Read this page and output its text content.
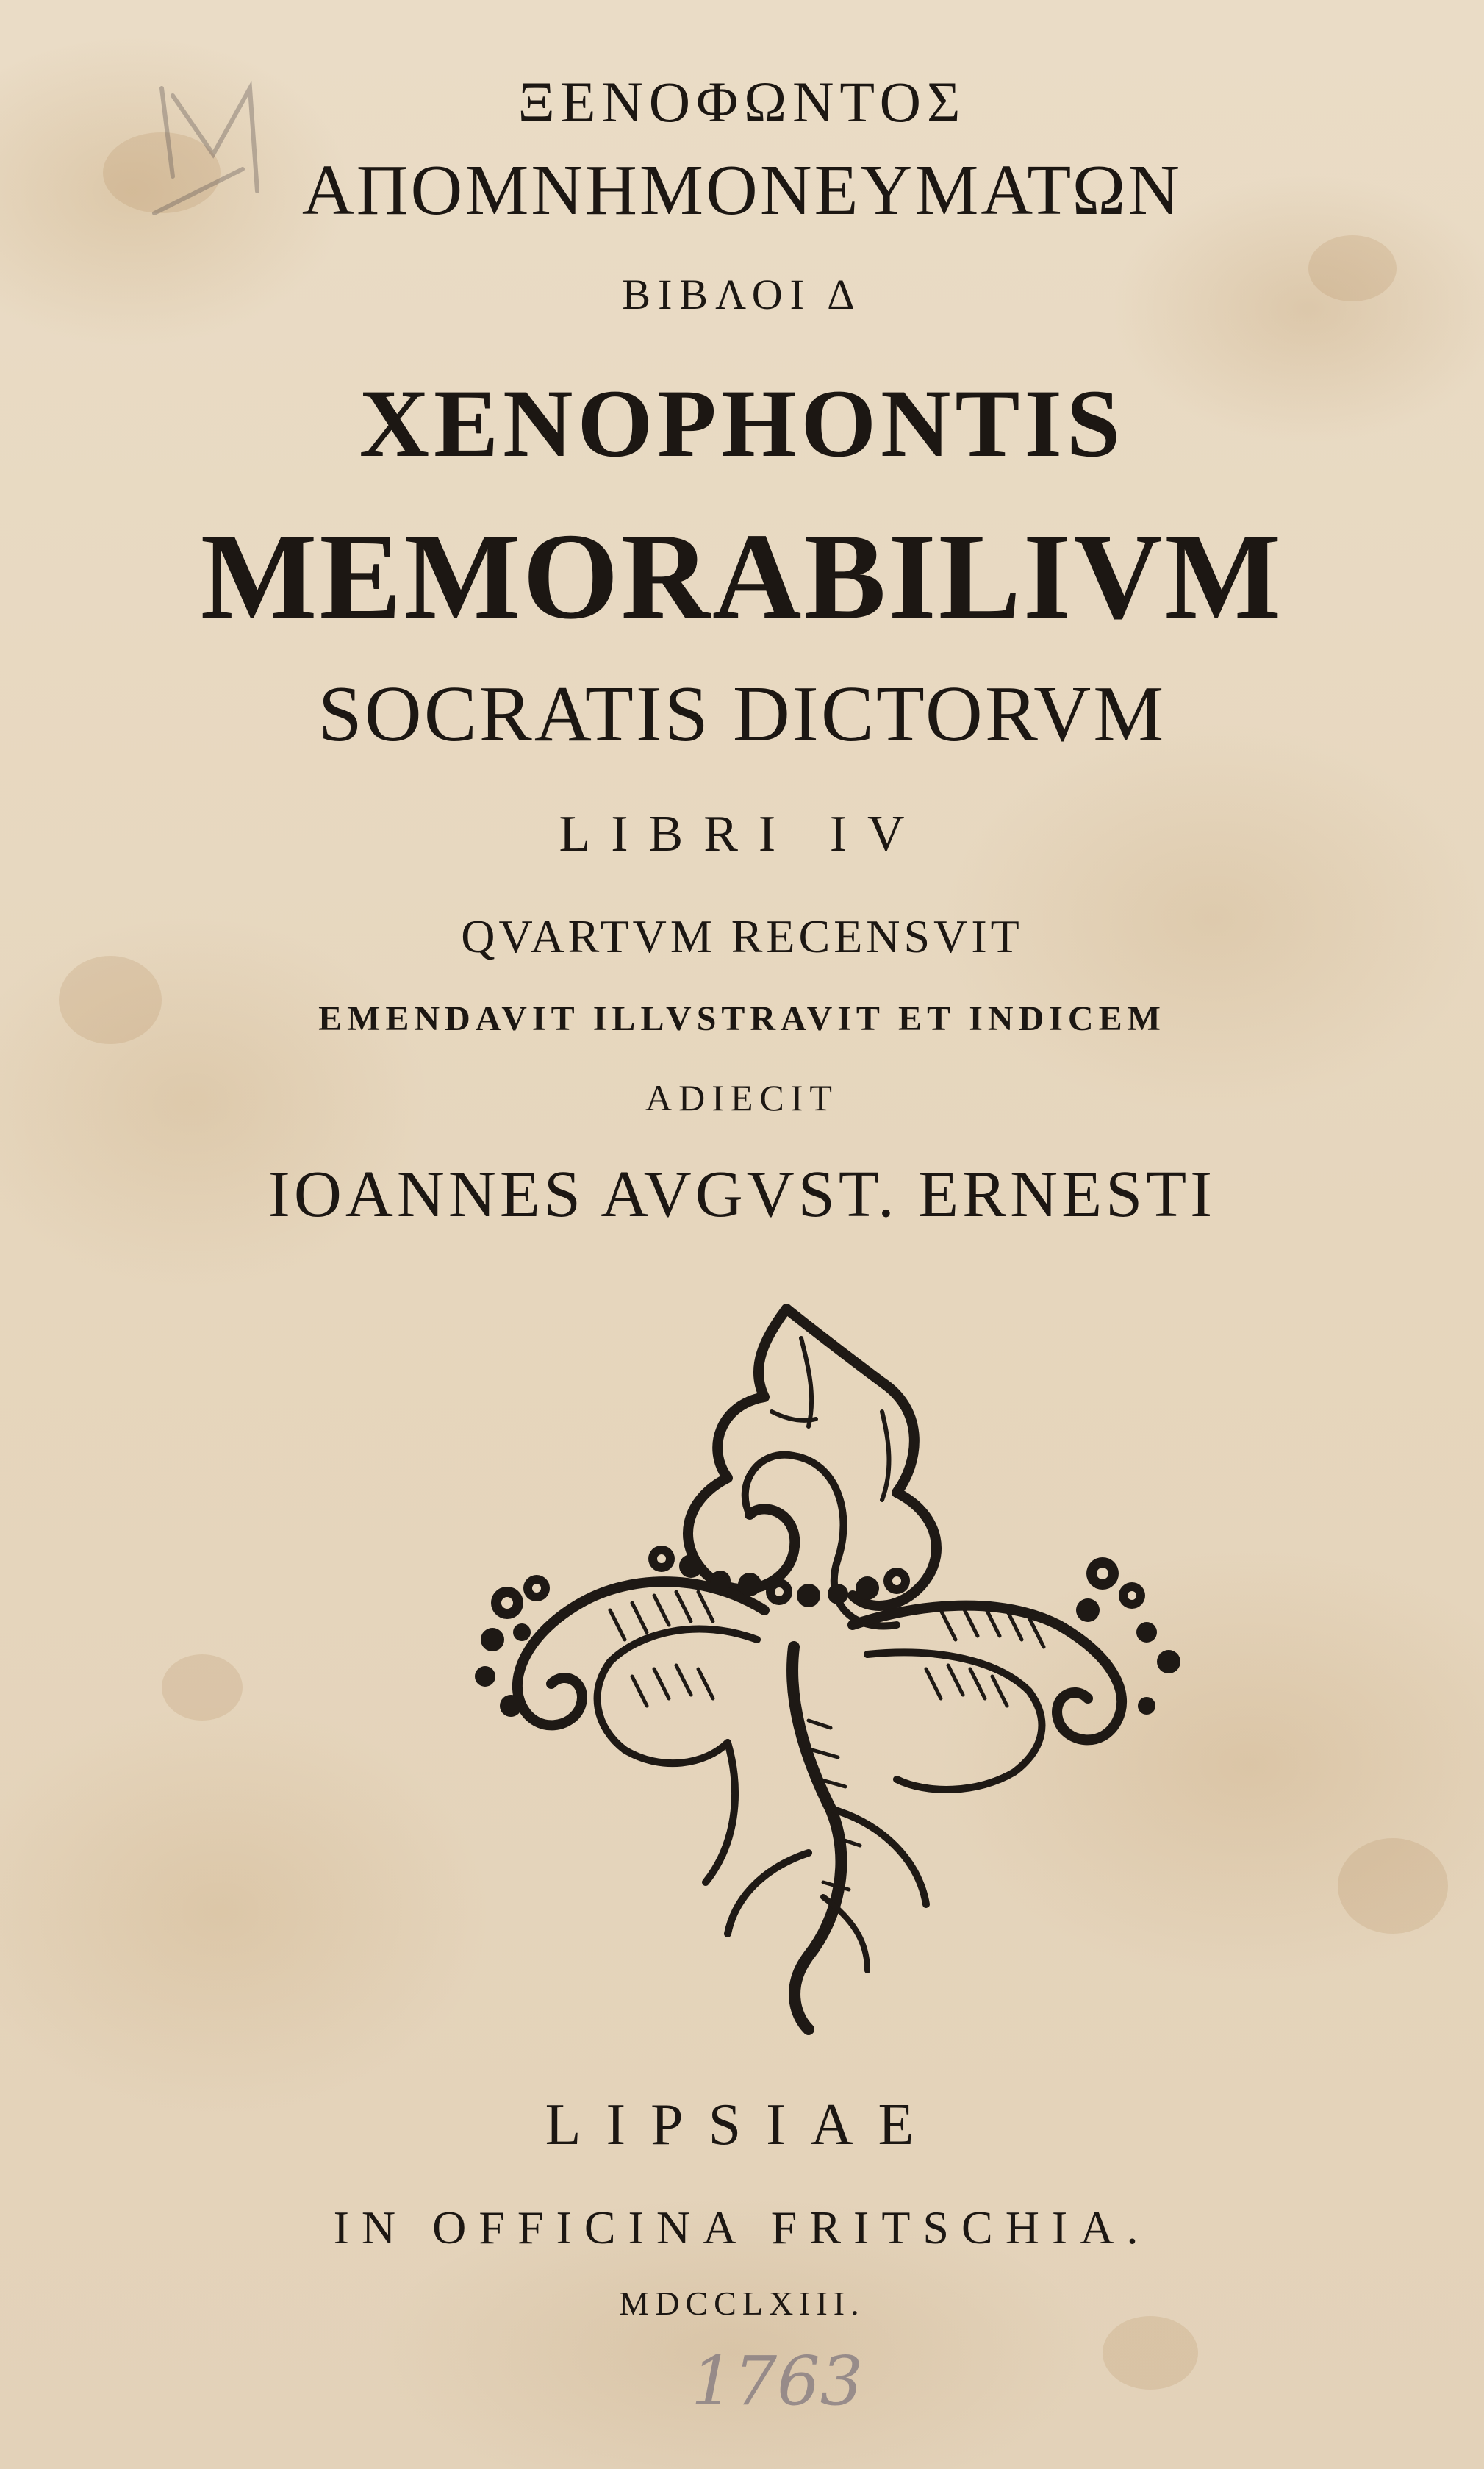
ΞΕΝΟΦΩΝΤΟΣ
ΑΠΟΜΝΗΜΟΝΕΥΜΑΤΩΝ
ΒΙΒΛΟΙ Δ
XENOPHONTIS
MEMORABILIVM
SOCRATIS DICTORVM
LIBRI IV
QVARTVM RECENSVIT
EMENDAVIT ILLVSTRAVIT ET INDICEM
ADIECIT
IOANNES AVGVST. ERNESTI
LIPSIAE
IN OFFICINA FRITSCHIA.
MDCCLXIII.
1763
